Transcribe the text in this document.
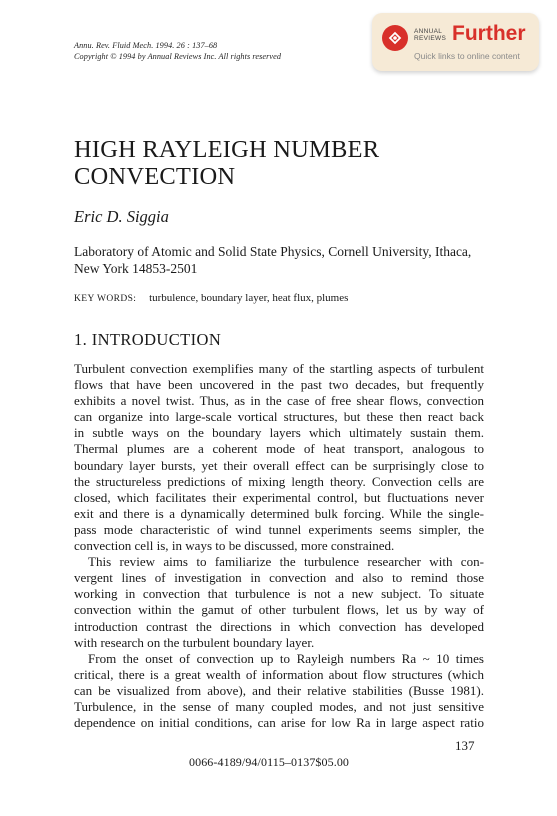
Annu. Rev. Fluid Mech. 1994. 26 : 137–68
Copyright © 1994 by Annual Reviews Inc. All rights reserved
ANNUAL
REVIEWS Further
Quick links to online content
HIGH RAYLEIGH NUMBER
CONVECTION
Eric D. Siggia
Laboratory of Atomic and Solid State Physics, Cornell University, Ithaca,
New York 14853-2501
KEY WORDS: turbulence, boundary layer, heat flux, plumes
1. INTRODUCTION
Turbulent convection exemplifies many of the startling aspects of turbulent
flows that have been uncovered in the past two decades, but frequently
exhibits a novel twist. Thus, as in the case of free shear flows, convection
can organize into large-scale vortical structures, but these then react back
in subtle ways on the boundary layers which ultimately sustain them.
Thermal plumes are a coherent mode of heat transport, analogous to
boundary layer bursts, yet their overall effect can be surprisingly close to
the structureless predictions of mixing length theory. Convection cells are
closed, which facilitates their experimental control, but fluctuations never
exit and there is a dynamically determined bulk forcing. While the single-
pass mode characteristic of wind tunnel experiments seems simpler, the
convection cell is, in ways to be discussed, more constrained.
This review aims to familiarize the turbulence researcher with con-
vergent lines of investigation in convection and also to remind those
working in convection that turbulence is not a new subject. To situate
convection within the gamut of other turbulent flows, let us by way of
introduction contrast the directions in which convection has developed
with research on the turbulent boundary layer.
From the onset of convection up to Rayleigh numbers Ra ~ 10 times
critical, there is a great wealth of information about flow structures (which
can be visualized from above), and their relative stabilities (Busse 1981).
Turbulence, in the sense of many coupled modes, and not just sensitive
dependence on initial conditions, can arise for low Ra in large aspect ratio
137
0066-4189/94/0115–0137$05.00
